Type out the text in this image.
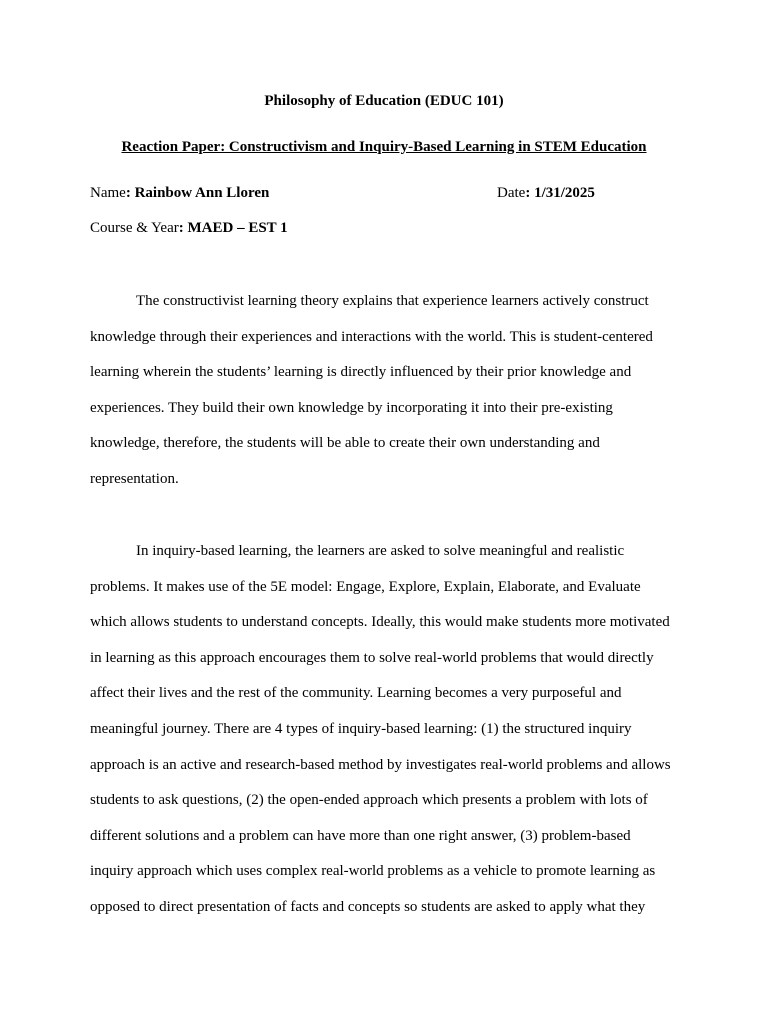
Philosophy of Education (EDUC 101)
Reaction Paper: Constructivism and Inquiry-Based Learning in STEM Education
Name: Rainbow Ann Lloren	Date: 1/31/2025
Course & Year: MAED – EST 1
The constructivist learning theory explains that experience learners actively construct
knowledge through their experiences and interactions with the world. This is student-centered
learning wherein the students’ learning is directly influenced by their prior knowledge and
experiences. They build their own knowledge by incorporating it into their pre-existing
knowledge, therefore, the students will be able to create their own understanding and
representation.
In inquiry-based learning, the learners are asked to solve meaningful and realistic
problems. It makes use of the 5E model: Engage, Explore, Explain, Elaborate, and Evaluate
which allows students to understand concepts. Ideally, this would make students more motivated
in learning as this approach encourages them to solve real-world problems that would directly
affect their lives and the rest of the community. Learning becomes a very purposeful and
meaningful journey. There are 4 types of inquiry-based learning: (1) the structured inquiry
approach is an active and research-based method by investigates real-world problems and allows
students to ask questions, (2) the open-ended approach which presents a problem with lots of
different solutions and a problem can have more than one right answer, (3) problem-based
inquiry approach which uses complex real-world problems as a vehicle to promote learning as
opposed to direct presentation of facts and concepts so students are asked to apply what they
